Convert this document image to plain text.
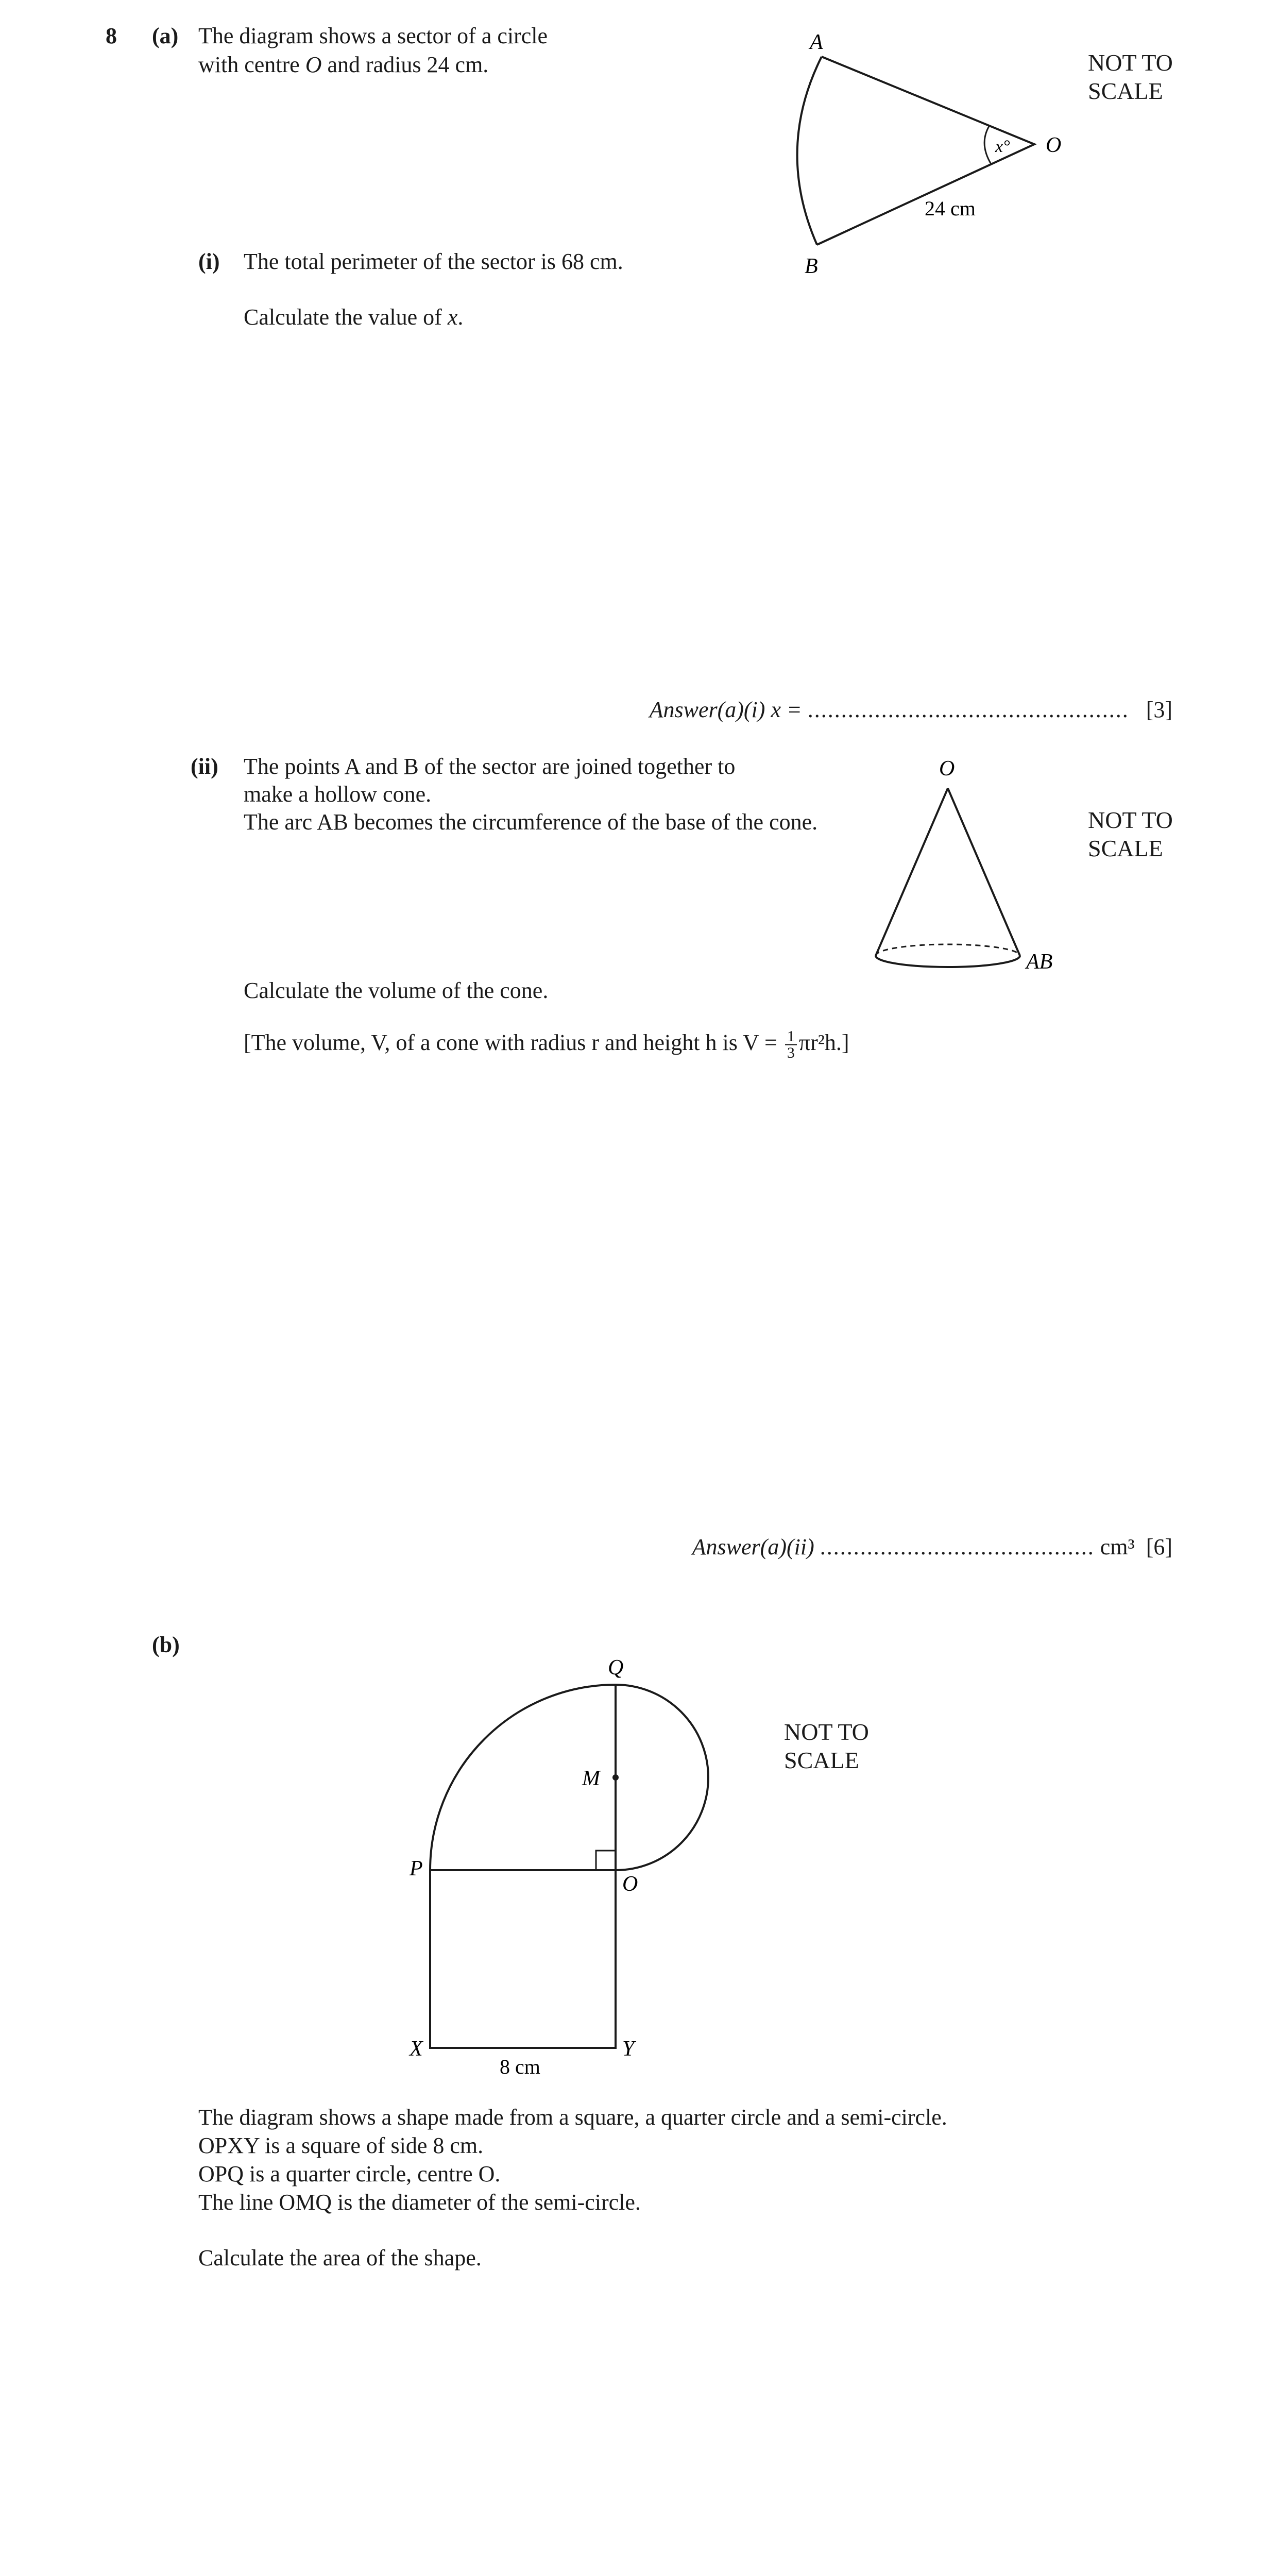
8 (a) The diagram shows a sector of a circle
with centre O and radius 24 cm.
A
B
O
x°
24 cm
NOT TO
SCALE
(i) The total perimeter of the sector is 68 cm.
Calculate the value of x.
Answer(a)(i) x = ................................................ [3]
(ii) The points A and B of the sector are joined together to
make a hollow cone.
The arc AB becomes the circumference of the base of the cone.
O
AB
NOT TO
SCALE
Calculate the volume of the cone.
[The volume, V, of a cone with radius r and height h is $V = \frac{1}{3} \pi r^2h$.]
Answer(a)(ii) ......................................... cm³ [6]
(b)
Q
M
P
O
X	Y
8 cm
NOT TO
SCALE
The diagram shows a shape made from a square, a quarter circle and a semi-circle.
OPXY is a square of side 8 cm.
OPQ is a quarter circle, centre O.
The line OMQ is the diameter of the semi-circle.
Calculate the area of the shape.
